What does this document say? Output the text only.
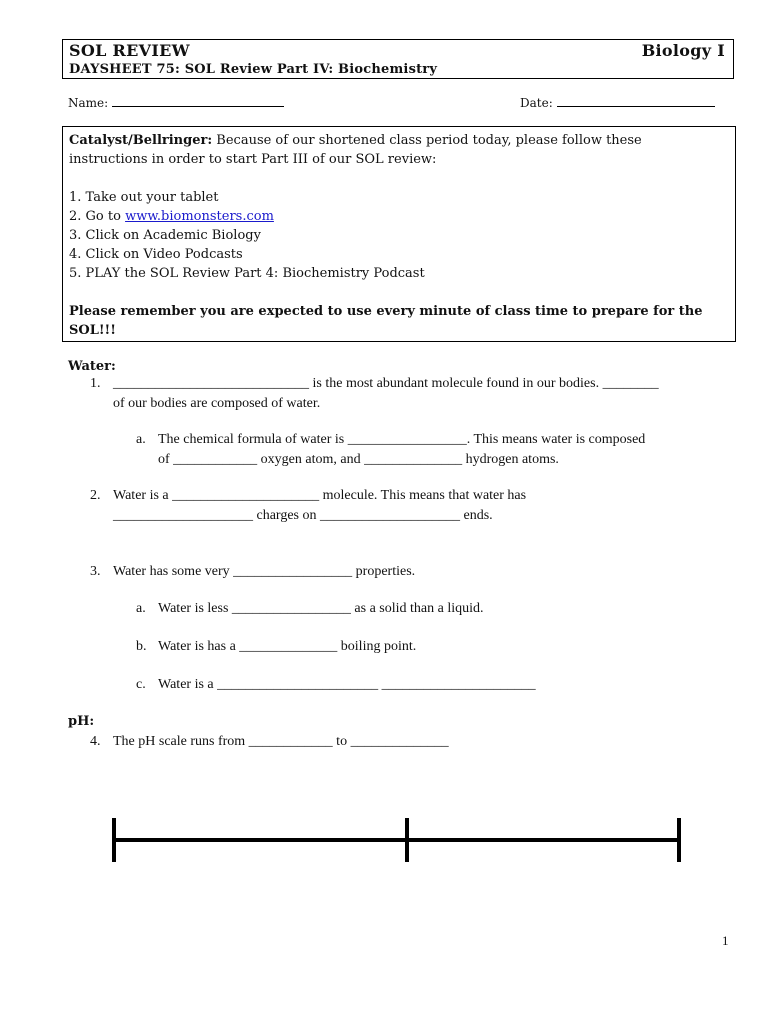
SOL REVIEW	Biology I
DAYSHEET 75: SOL Review Part IV: Biochemistry
Name:	Date:
Catalyst/Bellringer: Because of our shortened class period today, please follow these
instructions in order to start Part III of our SOL review:
1. Take out your tablet
2. Go to www.biomonsters.com
3. Click on Academic Biology
4. Click on Video Podcasts
5. PLAY the SOL Review Part 4: Biochemistry Podcast
Please remember you are expected to use every minute of class time to prepare for the SOL!!!
Water:
1. ____________________________ is the most abundant molecule found in our bodies. ________
of our bodies are composed of water.
a. The chemical formula of water is _________________. This means water is composed
of ____________ oxygen atom, and ______________ hydrogen atoms.
2. Water is a _____________________ molecule. This means that water has
____________________ charges on ____________________ ends.
3. Water has some very _________________ properties.
a. Water is less _________________ as a solid than a liquid.
b. Water is has a ______________ boiling point.
c. Water is a _______________________ ______________________
pH:
4. The pH scale runs from ____________ to ______________
1
